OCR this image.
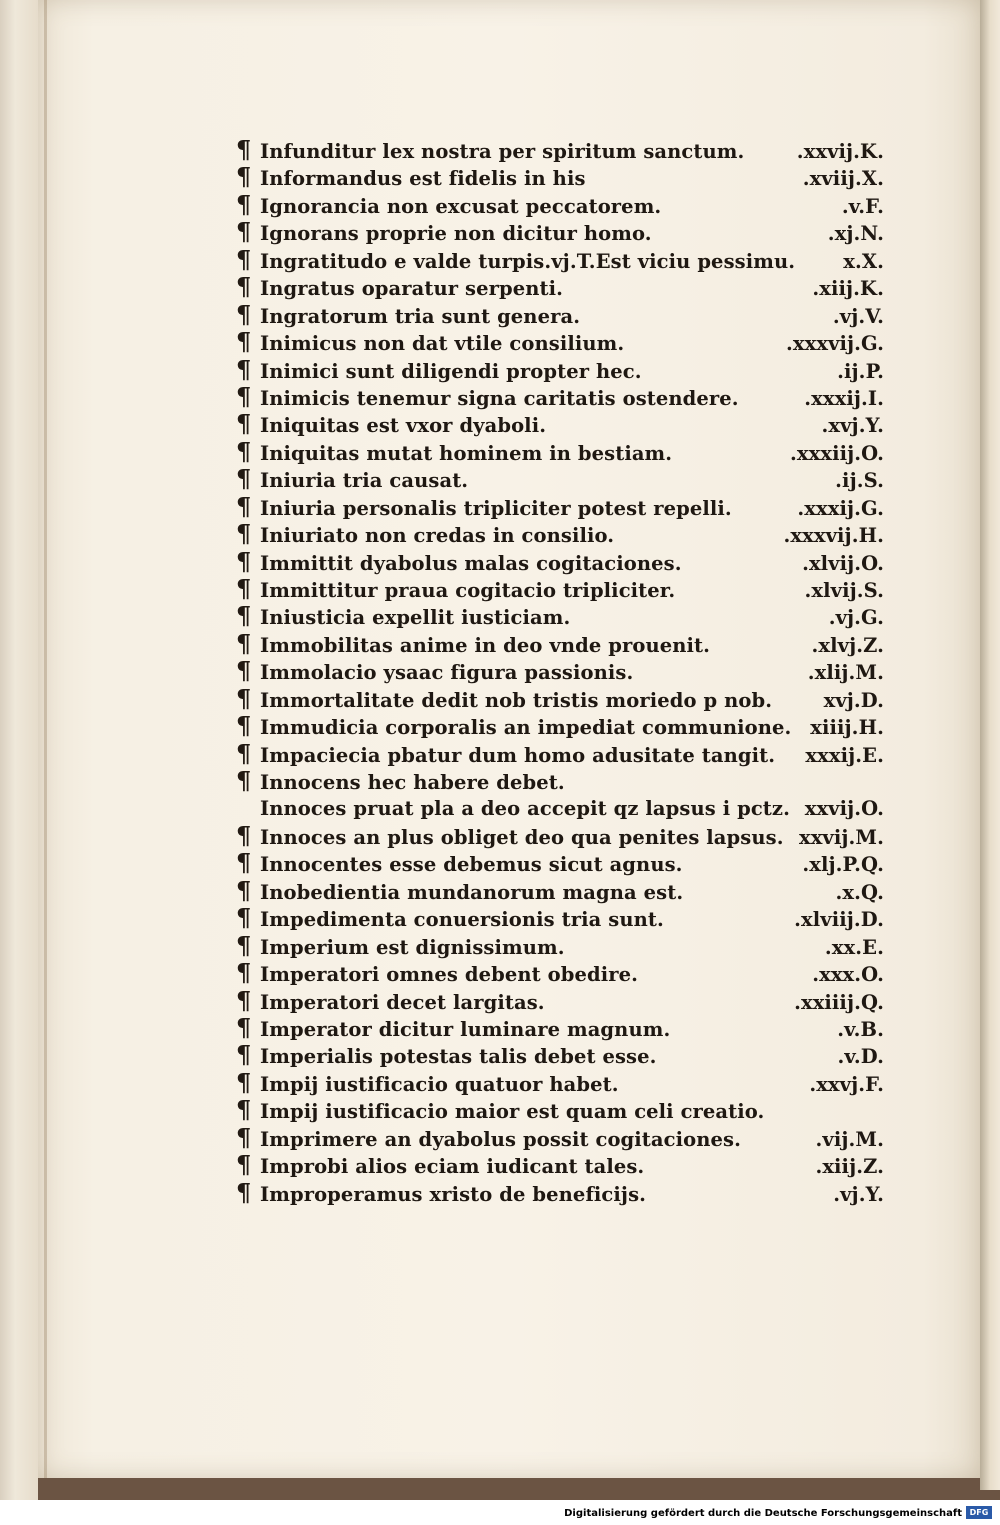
¶ Infunditur lex nostra per spiritum sanctum.	.xxvij.K.
¶ Informandus est fidelis in his	.xviij.X.
¶ Ignorancia non excusat peccatorem.	.v.F.
¶ Ignorans proprie non dicitur homo.	.xj.N.
¶ Ingratitudo e valde turpis.vj.T.Est viciu pessimu.	x.X.
¶ Ingratus oparatur serpenti.	.xiij.K.
¶ Ingratorum tria sunt genera.	.vj.V.
¶ Inimicus non dat vtile consilium.	.xxxvij.G.
¶ Inimici sunt diligendi propter hec.	.ij.P.
¶ Inimicis tenemur signa caritatis ostendere.	.xxxij.I.
¶ Iniquitas est vxor dyaboli.	.xvj.Y.
¶ Iniquitas mutat hominem in bestiam.	.xxxiij.O.
¶ Iniuria tria causat.	.ij.S.
¶ Iniuria personalis tripliciter potest repelli.	.xxxij.G.
¶ Iniuriato non credas in consilio.	.xxxvij.H.
¶ Immittit dyabolus malas cogitaciones.	.xlvij.O.
¶ Immittitur praua cogitacio tripliciter.	.xlvij.S.
¶ Iniusticia expellit iusticiam.	.vj.G.
¶ Immobilitas anime in deo vnde prouenit.	.xlvj.Z.
¶ Immolacio ysaac figura passionis.	.xlij.M.
¶ Immortalitate dedit nob tristis moriedo p nob.	xvj.D.
¶ Immudicia corporalis an impediat communione. xiiij.H.
¶ Impaciecia pbatur dum homo adusitate tangit.	xxxij.E.
¶ Innocens hec habere debet.
Innoces pruat pla a deo accepit qz lapsus i pctz. xxvij.O.
¶ Innoces an plus obliget deo qua penites lapsus. xxvij.M.
¶ Innocentes esse debemus sicut agnus.	.xlj.P.Q.
¶ Inobedientia mundanorum magna est.	.x.Q.
¶ Impedimenta conuersionis tria sunt.	.xlviij.D.
¶ Imperium est dignissimum.	.xx.E.
¶ Imperatori omnes debent obedire.	.xxx.O.
¶ Imperatori decet largitas.	.xxiiij.Q.
¶ Imperator dicitur luminare magnum.	.v.B.
¶ Imperialis potestas talis debet esse.	.v.D.
¶ Impij iustificacio quatuor habet.	.xxvj.F.
¶ Impij iustificacio maior est quam celi creatio.
¶ Imprimere an dyabolus possit cogitaciones.	.vij.M.
¶ Improbi alios eciam iudicant tales.	.xiij.Z.
¶ Improperamus xristo de beneficijs.	.vj.Y.
Digitalisierung gefördert durch die Deutsche Forschungsgemeinschaft DFG
